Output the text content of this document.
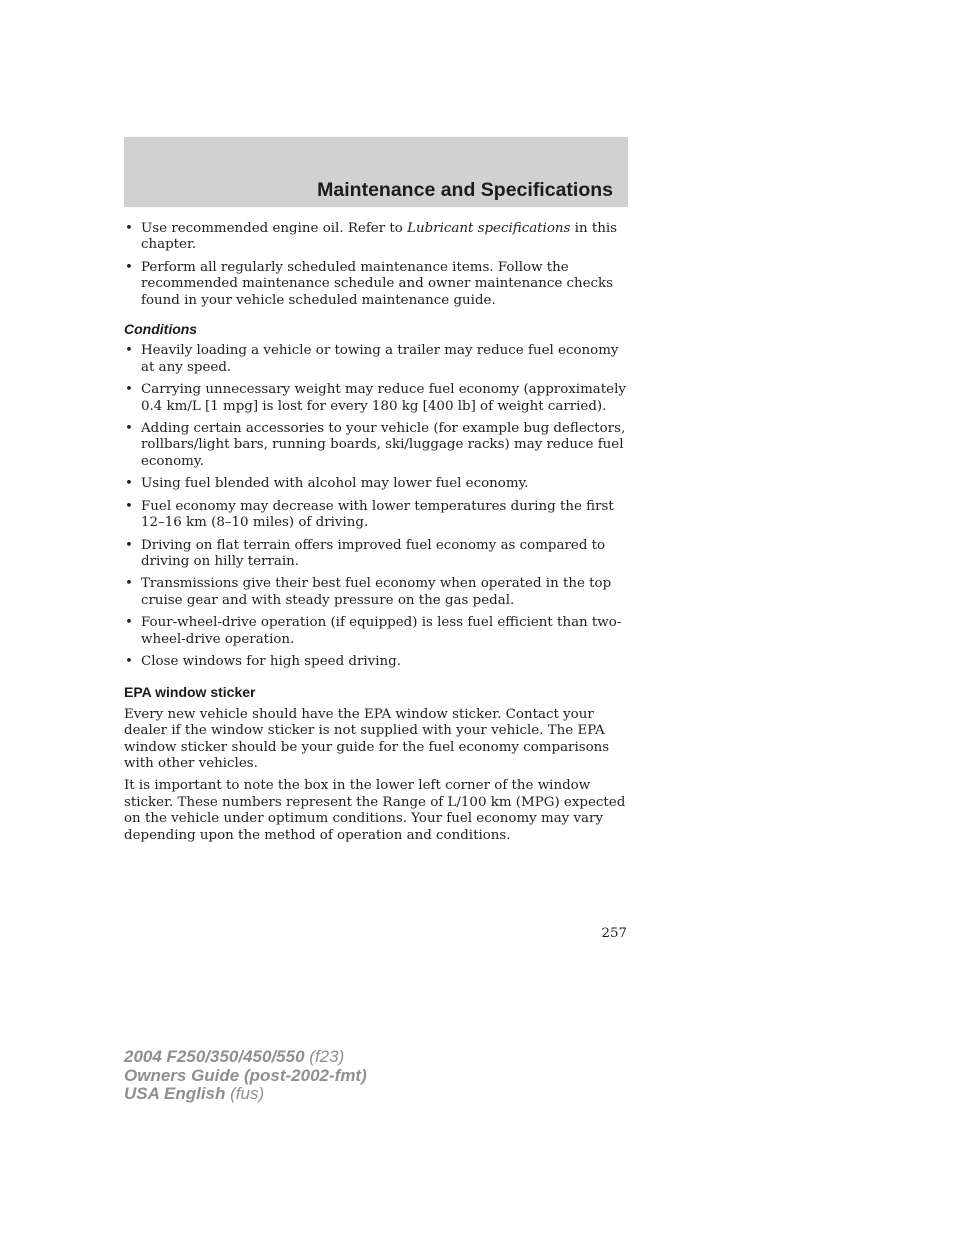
Maintenance and Specifications
• Use recommended engine oil. Refer to Lubricant specifications in this chapter.
• Perform all regularly scheduled maintenance items. Follow the recommended maintenance schedule and owner maintenance checks found in your vehicle scheduled maintenance guide.
Conditions
• Heavily loading a vehicle or towing a trailer may reduce fuel economy at any speed.
• Carrying unnecessary weight may reduce fuel economy (approximately 0.4 km/L [1 mpg] is lost for every 180 kg [400 lb] of weight carried).
• Adding certain accessories to your vehicle (for example bug deflectors, rollbars/light bars, running boards, ski/luggage racks) may reduce fuel economy.
• Using fuel blended with alcohol may lower fuel economy.
• Fuel economy may decrease with lower temperatures during the first 12–16 km (8–10 miles) of driving.
• Driving on flat terrain offers improved fuel economy as compared to driving on hilly terrain.
• Transmissions give their best fuel economy when operated in the top cruise gear and with steady pressure on the gas pedal.
• Four-wheel-drive operation (if equipped) is less fuel efficient than two-wheel-drive operation.
• Close windows for high speed driving.
EPA window sticker

Every new vehicle should have the EPA window sticker. Contact your dealer if the window sticker is not supplied with your vehicle. The EPA window sticker should be your guide for the fuel economy comparisons with other vehicles.

It is important to note the box in the lower left corner of the window sticker. These numbers represent the Range of L/100 km (MPG) expected on the vehicle under optimum conditions. Your fuel economy may vary depending upon the method of operation and conditions.

257
2004 F250/350/450/550 (f23)
Owners Guide (post-2002-fmt)
USA English (fus)
